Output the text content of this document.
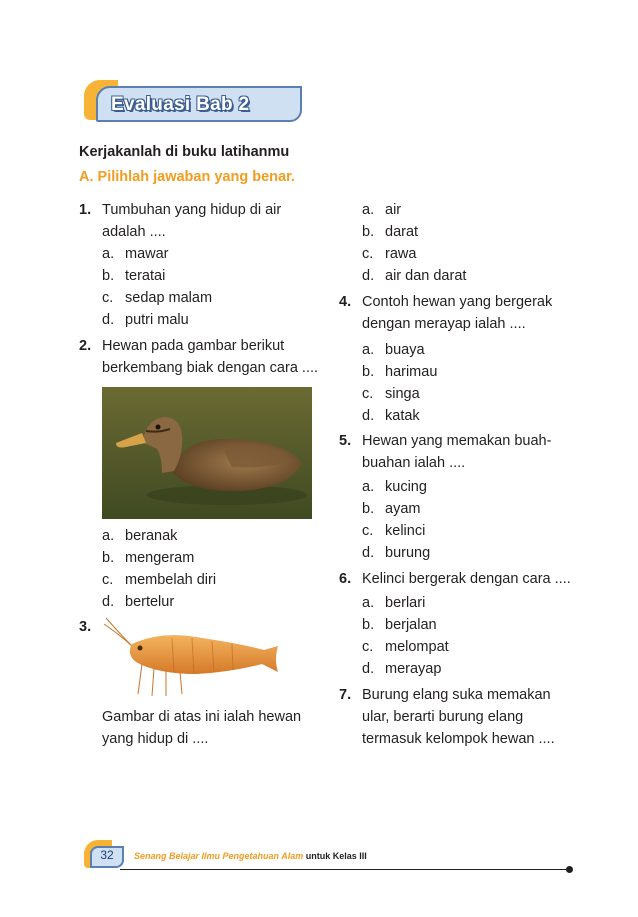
Evaluasi Bab 2
Kerjakanlah di buku latihanmu
A. Pilihlah jawaban yang benar.
1. Tumbuhan yang hidup di air
adalah ....
a. mawar
b. teratai
c. sedap malam
d. putri malu
2. Hewan pada gambar berikut
berkembang biak dengan cara ....
a. beranak
b. mengeram
c. membelah diri
d. bertelur
3.
Gambar di atas ini ialah hewan
yang hidup di ....
a. air
b. darat
c. rawa
d. air dan darat
4. Contoh hewan yang bergerak
dengan merayap ialah ....
a. buaya
b. harimau
c. singa
d. katak
5. Hewan yang memakan buah-
buahan ialah ....
a. kucing
b. ayam
c. kelinci
d. burung
6. Kelinci bergerak dengan cara ....
a. berlari
b. berjalan
c. melompat
d. merayap
7. Burung elang suka memakan
ular, berarti burung elang
termasuk kelompok hewan ....
32	Senang Belajar Ilmu Pengetahuan Alam untuk Kelas III
